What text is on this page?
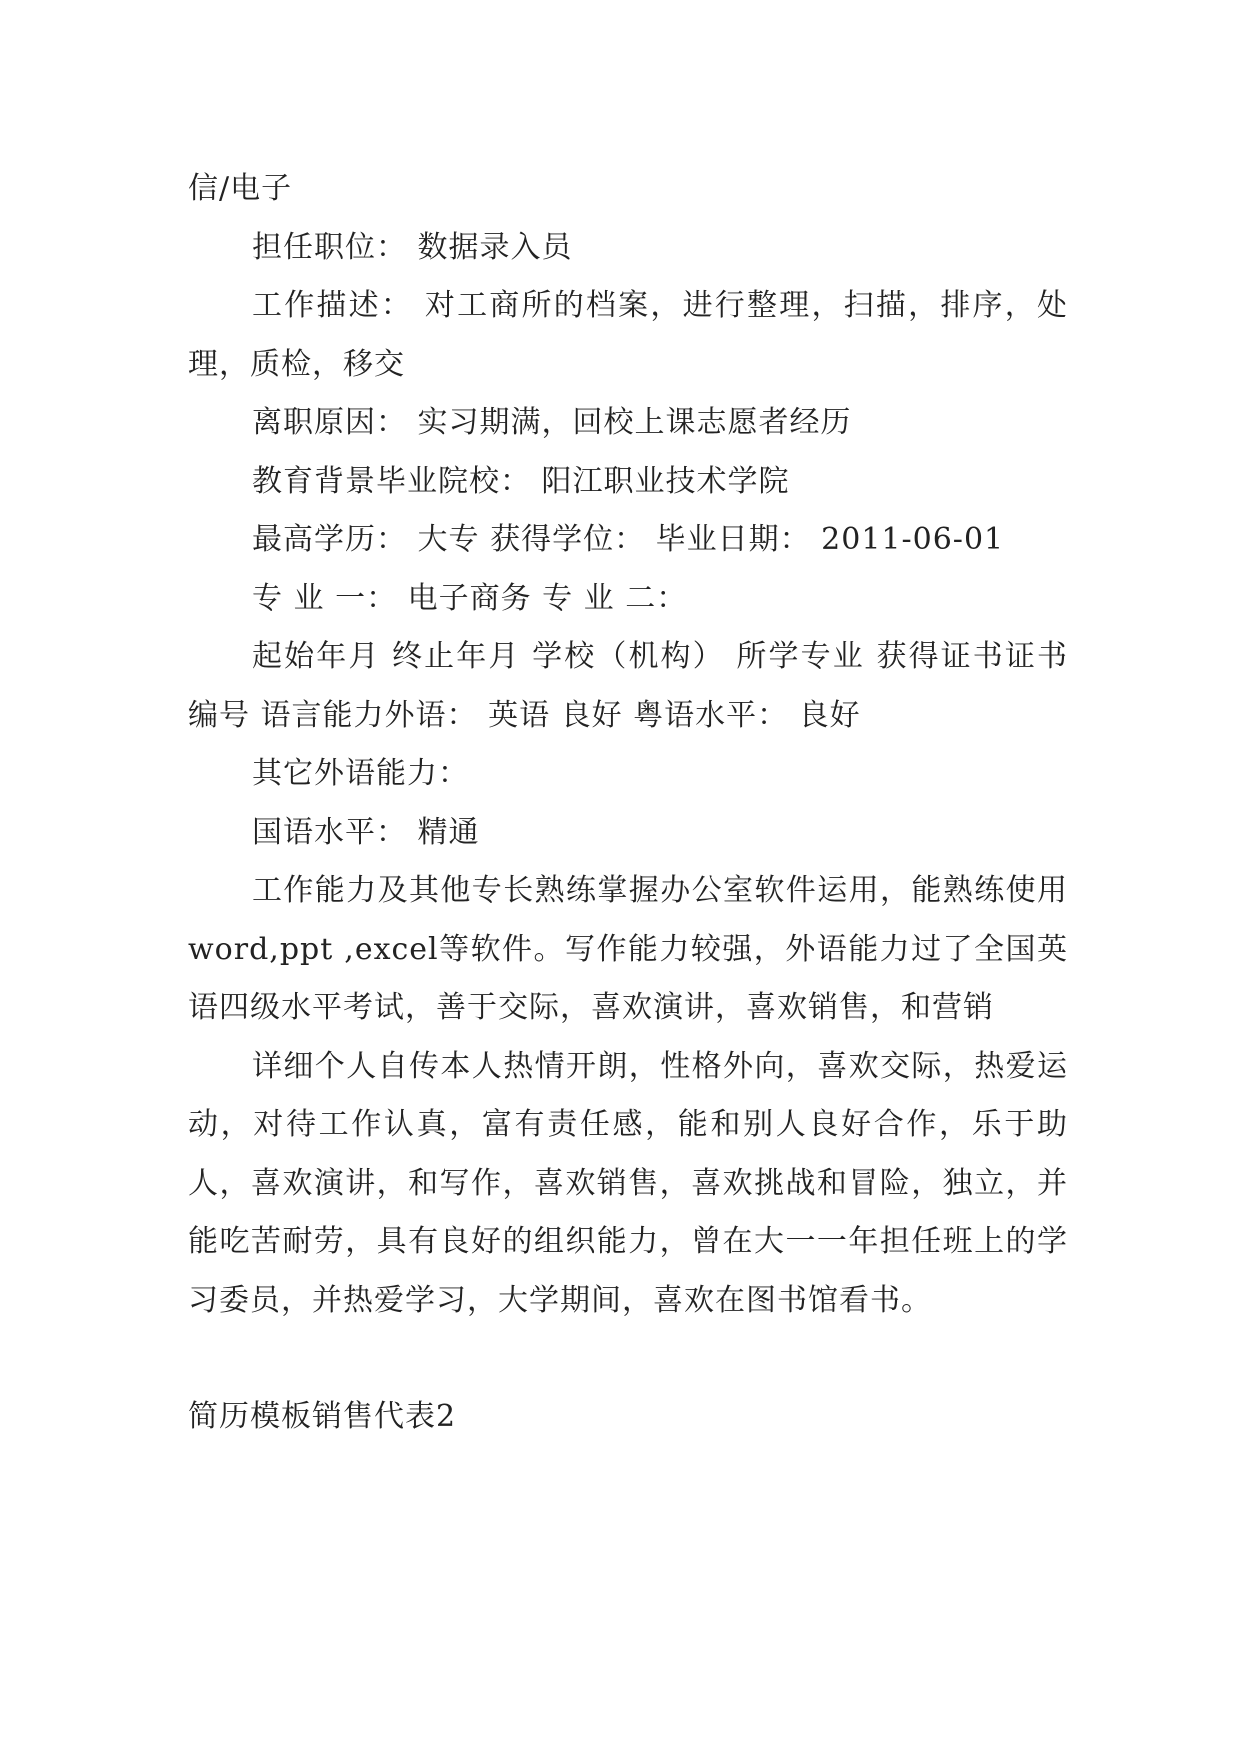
信/电子

担任职位： 数据录入员

工作描述： 对工商所的档案，进行整理，扫描，排序，处理，质检，移交

离职原因： 实习期满，回校上课志愿者经历

教育背景毕业院校： 阳江职业技术学院

最高学历： 大专 获得学位： 毕业日期： 2011-06-01

专 业 一： 电子商务 专 业 二：

起始年月 终止年月 学校（机构） 所学专业 获得证书证书编号 语言能力外语： 英语 良好 粤语水平： 良好

其它外语能力：

国语水平： 精通

工作能力及其他专长熟练掌握办公室软件运用，能熟练使用word,ppt ,excel等软件。写作能力较强，外语能力过了全国英语四级水平考试，善于交际，喜欢演讲，喜欢销售，和营销

详细个人自传本人热情开朗，性格外向，喜欢交际，热爱运动，对待工作认真，富有责任感，能和别人良好合作，乐于助人，喜欢演讲，和写作，喜欢销售，喜欢挑战和冒险，独立，并能吃苦耐劳，具有良好的组织能力，曾在大一一年担任班上的学习委员，并热爱学习，大学期间，喜欢在图书馆看书。

简历模板销售代表2
